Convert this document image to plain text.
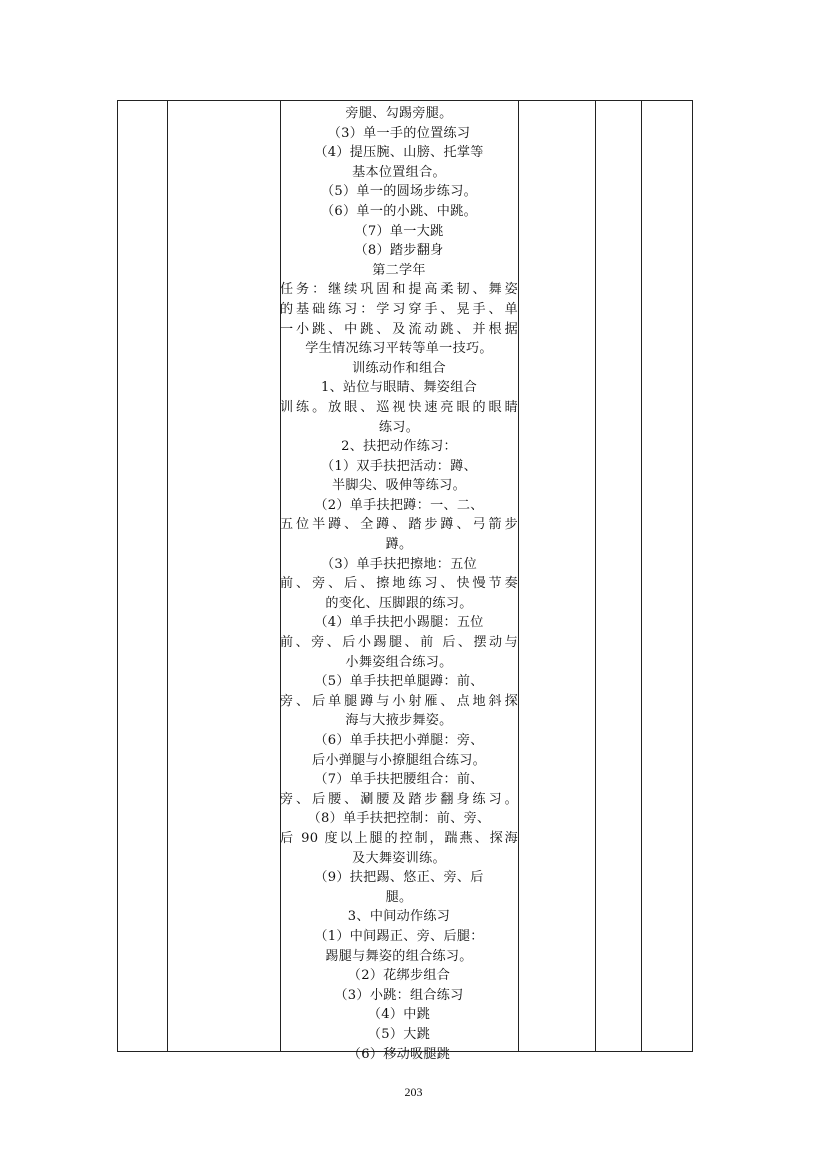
旁腿、勾踢旁腿。
（3）单一手的位置练习
（4）提压腕、山膀、托掌等
基本位置组合。
（5）单一的圆场步练习。
（6）单一的小跳、中跳。
（7）单一大跳
（8）踏步翻身
第二学年
任务：继续巩固和提高柔韧、舞姿
的基础练习：学习穿手、晃手、单
一小跳、中跳、及流动跳、并根据
学生情况练习平转等单一技巧。
训练动作和组合
1、站位与眼睛、舞姿组合
训练。放眼、巡视快速亮眼的眼睛
练习。
2、扶把动作练习：
（1）双手扶把活动：蹲、
半脚尖、吸伸等练习。
（2）单手扶把蹲：一、二、
五位半蹲、全蹲、踏步蹲、弓箭步
蹲。
（3）单手扶把擦地：五位
前、旁、后、擦地练习、快慢节奏
的变化、压脚跟的练习。
（4）单手扶把小踢腿：五位
前、旁、后小踢腿、前 后、摆动与
小舞姿组合练习。
（5）单手扶把单腿蹲：前、
旁、后单腿蹲与小射雁、点地斜探
海与大掖步舞姿。
（6）单手扶把小弹腿：旁、
后小弹腿与小撩腿组合练习。
（7）单手扶把腰组合：前、
旁、后腰、涮腰及踏步翻身练习。
（8）单手扶把控制：前、旁、
后 90 度以上腿的控制，踹燕、探海
及大舞姿训练。
（9）扶把踢、悠正、旁、后
腿。
3、中间动作练习
（1）中间踢正、旁、后腿：
踢腿与舞姿的组合练习。
（2）花绑步组合
（3）小跳：组合练习
（4）中跳
（5）大跳
（6）移动吸腿跳
203
